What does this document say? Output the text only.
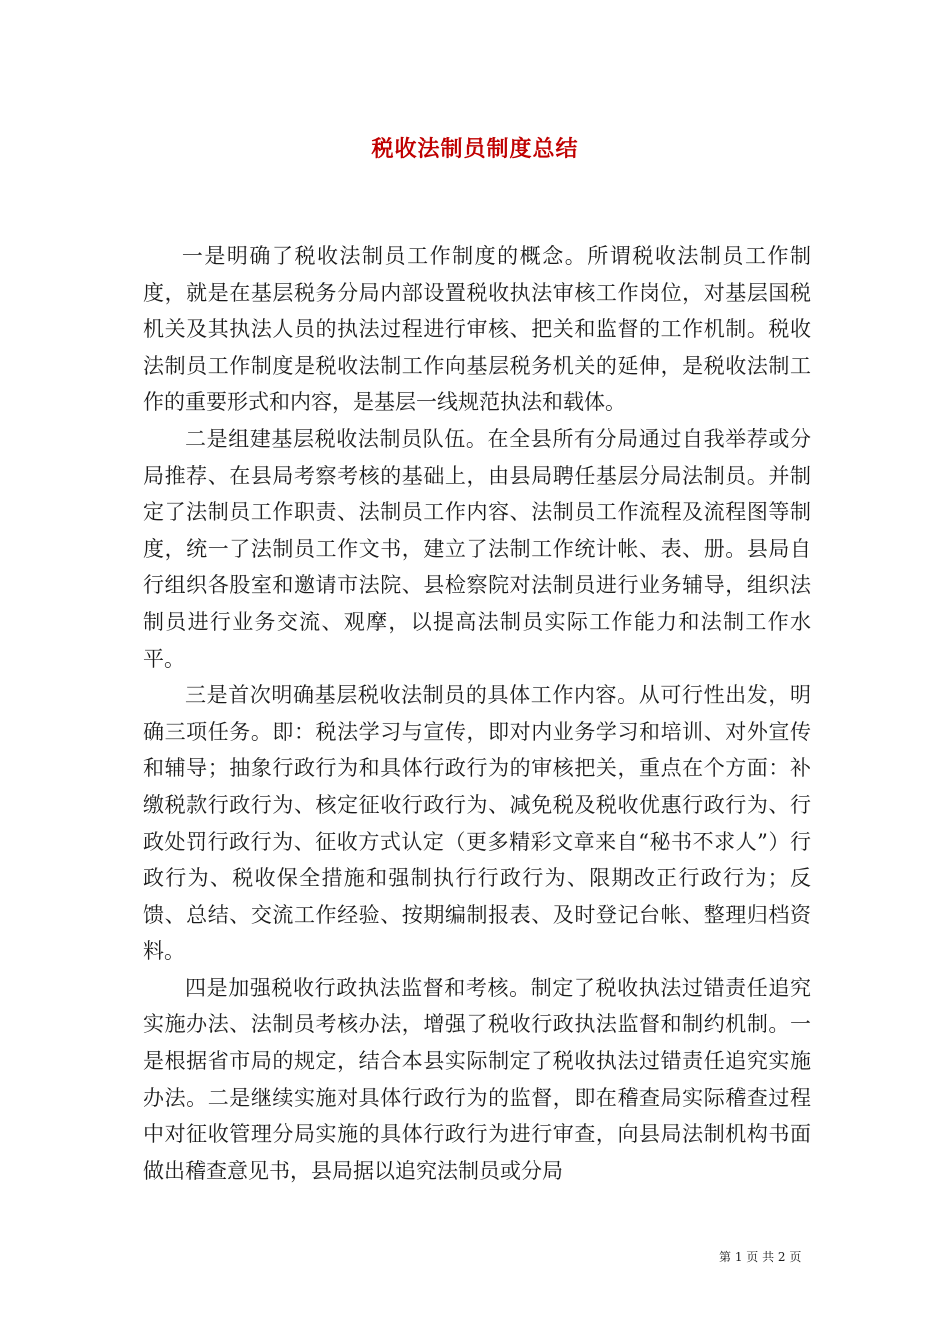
税收法制员制度总结

一是明确了税收法制员工作制度的概念。所谓税收法制员工作制度，就是在基层税务分局内部设置税收执法审核工作岗位，对基层国税机关及其执法人员的执法过程进行审核、把关和监督的工作机制。税收法制员工作制度是税收法制工作向基层税务机关的延伸，是税收法制工作的重要形式和内容，是基层一线规范执法和载体。

二是组建基层税收法制员队伍。在全县所有分局通过自我举荐或分局推荐、在县局考察考核的基础上，由县局聘任基层分局法制员。并制定了法制员工作职责、法制员工作内容、法制员工作流程及流程图等制度，统一了法制员工作文书，建立了法制工作统计帐、表、册。县局自行组织各股室和邀请市法院、县检察院对法制员进行业务辅导，组织法制员进行业务交流、观摩，以提高法制员实际工作能力和法制工作水平。

三是首次明确基层税收法制员的具体工作内容。从可行性出发，明确三项任务。即：税法学习与宣传，即对内业务学习和培训、对外宣传和辅导；抽象行政行为和具体行政行为的审核把关，重点在个方面：补缴税款行政行为、核定征收行政行为、减免税及税收优惠行政行为、行政处罚行政行为、征收方式认定（更多精彩文章来自“秘书不求人”）行政行为、税收保全措施和强制执行行政行为、限期改正行政行为；反馈、总结、交流工作经验、按期编制报表、及时登记台帐、整理归档资料。

四是加强税收行政执法监督和考核。制定了税收执法过错责任追究实施办法、法制员考核办法，增强了税收行政执法监督和制约机制。一是根据省市局的规定，结合本县实际制定了税收执法过错责任追究实施办法。二是继续实施对具体行政行为的监督，即在稽查局实际稽查过程中对征收管理分局实施的具体行政行为进行审查，向县局法制机构书面做出稽查意见书，县局据以追究法制员或分局

第 1 页 共 2 页
